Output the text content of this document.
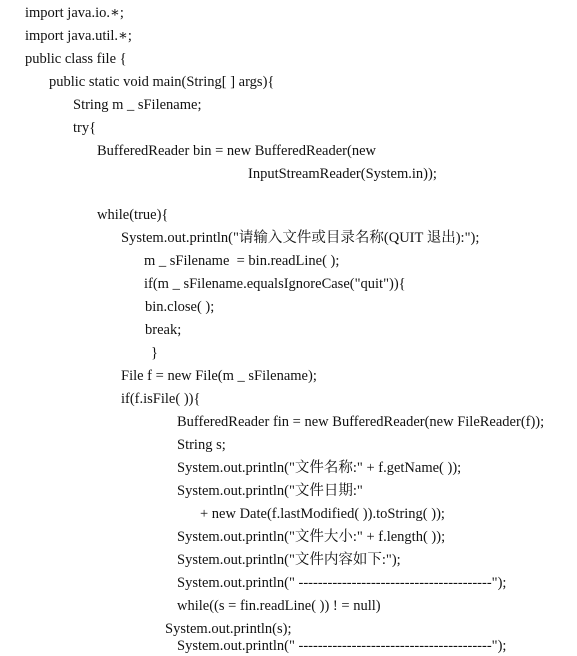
import java.io.∗;
import java.util.∗;
public class file {
public static void main(String[ ] args){
String m _ sFilename;
try{
BufferedReader bin = new BufferedReader(new
InputStreamReader(System.in));
while(true){
System.out.println("请输入文件或目录名称(QUIT 退出):");
m _ sFilename  = bin.readLine( );
if(m _ sFilename.equalsIgnoreCase("quit")){
bin.close( );
break;
}
File f = new File(m _ sFilename);
if(f.isFile( )){
BufferedReader fin = new BufferedReader(new FileReader(f));
String s;
System.out.println("文件名称:" + f.getName( ));
System.out.println("文件日期:"
+ new Date(f.lastModified( )).toString( ));
System.out.println("文件大小:" + f.length( ));
System.out.println("文件内容如下:");
System.out.println(" ----------------------------------------");
while((s = fin.readLine( )) ! = null)
System.out.println(s);
System.out.println(" ----------------------------------------");
